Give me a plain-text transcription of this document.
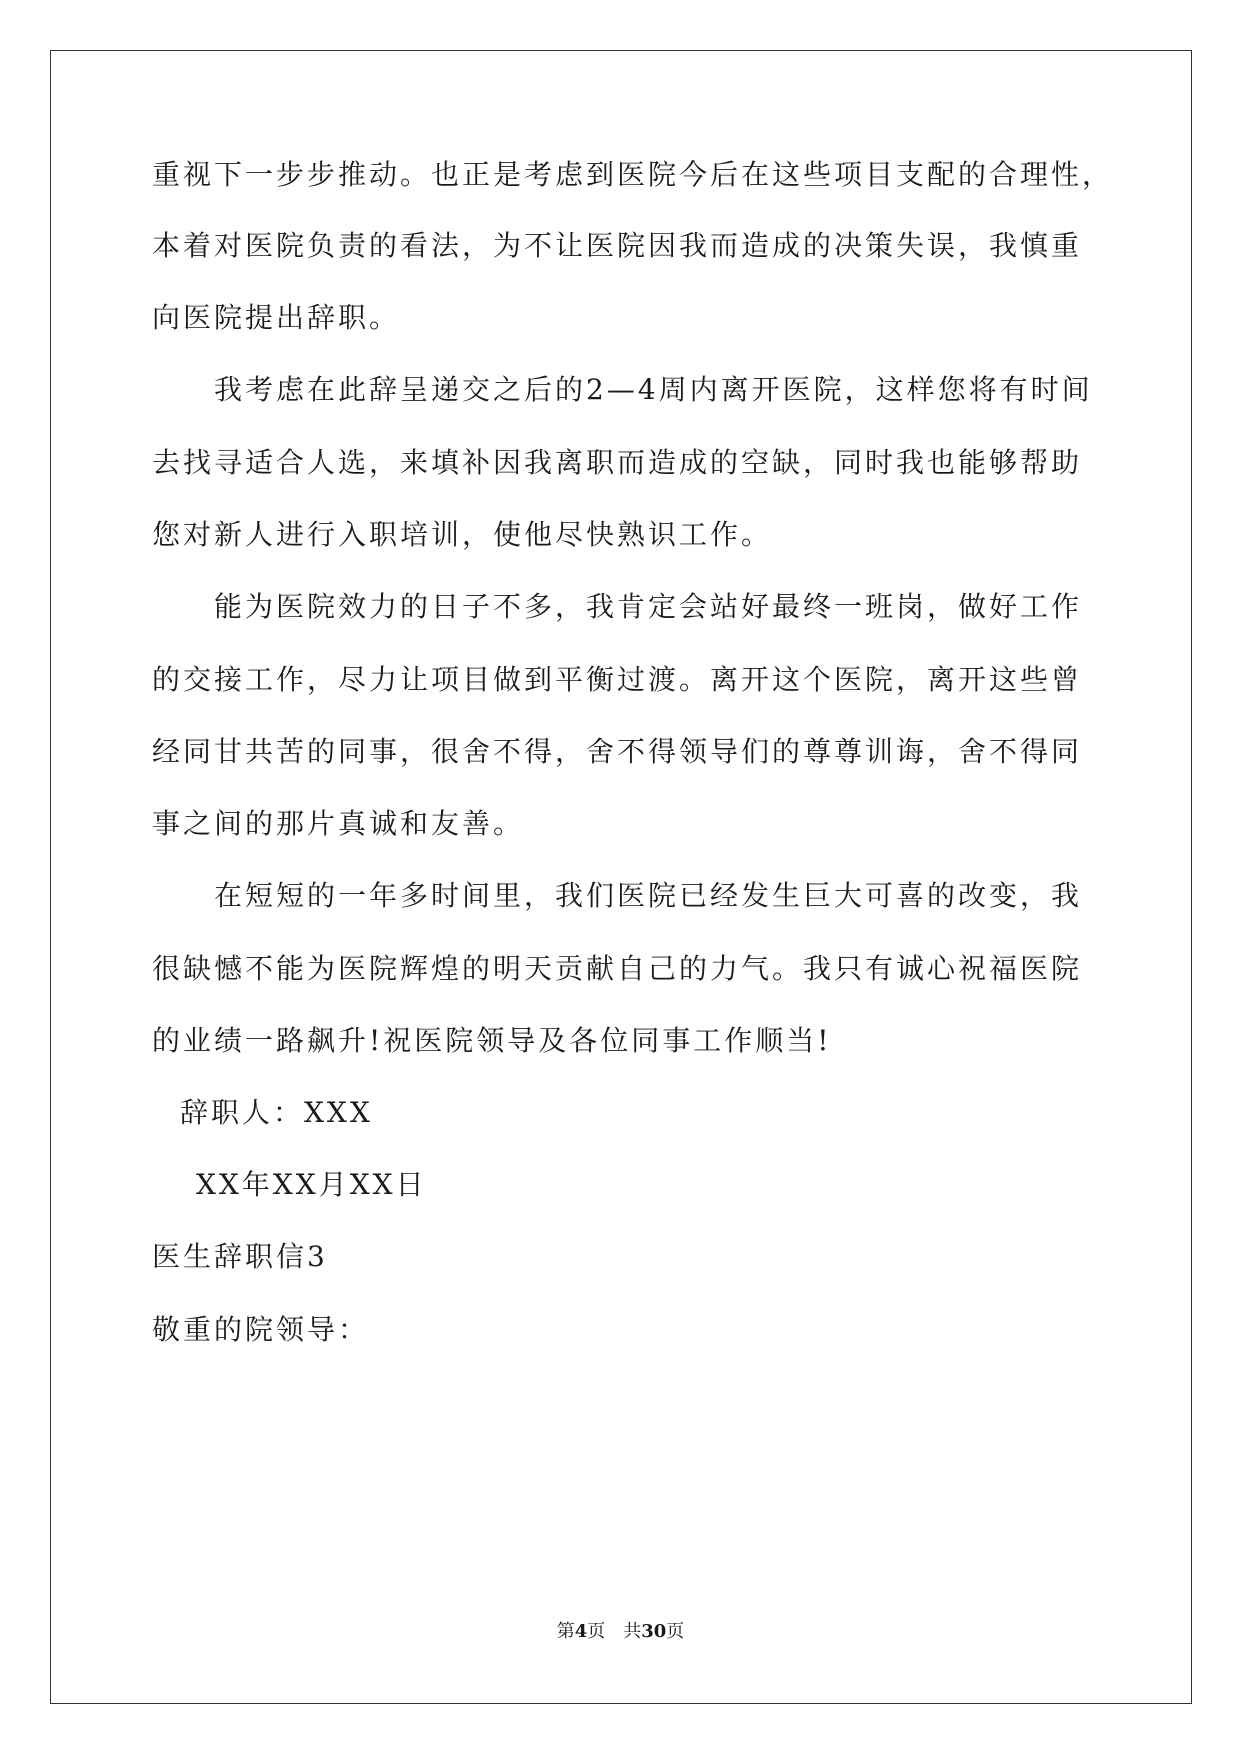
重视下一步步推动。也正是考虑到医院今后在这些项目支配的合理性，
本着对医院负责的看法，为不让医院因我而造成的决策失误，我慎重
向医院提出辞职。
我考虑在此辞呈递交之后的2—4周内离开医院，这样您将有时间
去找寻适合人选，来填补因我离职而造成的空缺，同时我也能够帮助
您对新人进行入职培训，使他尽快熟识工作。
能为医院效力的日子不多，我肯定会站好最终一班岗，做好工作
的交接工作，尽力让项目做到平衡过渡。离开这个医院，离开这些曾
经同甘共苦的同事，很舍不得，舍不得领导们的尊尊训诲，舍不得同
事之间的那片真诚和友善。
在短短的一年多时间里，我们医院已经发生巨大可喜的改变，我
很缺憾不能为医院辉煌的明天贡献自己的力气。我只有诚心祝福医院
的业绩一路飙升!祝医院领导及各位同事工作顺当!
辞职人：XXX
XX年XX月XX日
医生辞职信3
敬重的院领导：
第4页　共30页
